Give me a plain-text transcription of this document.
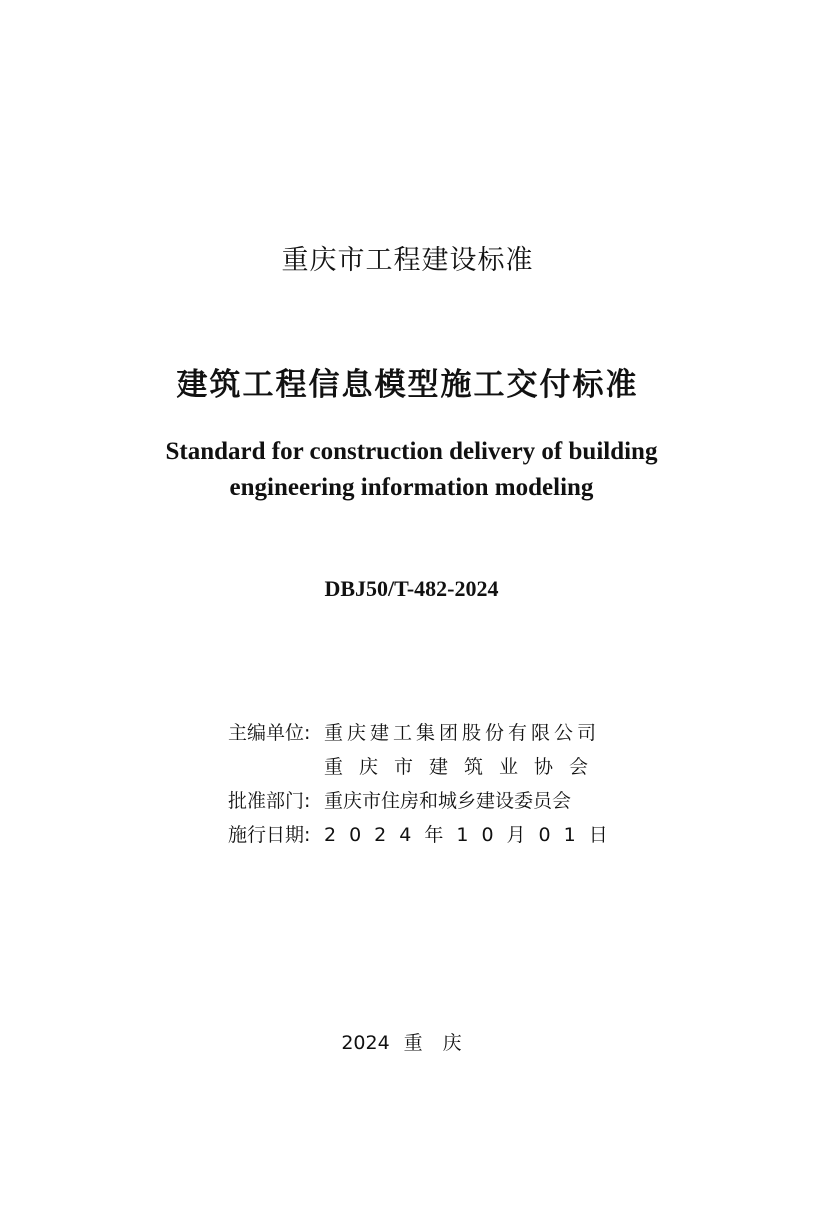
重庆市工程建设标准
建筑工程信息模型施工交付标准
Standard for construction delivery of building
engineering information modeling
DBJ50/T-482-2024
主编单位: 重庆建工集团股份有限公司
重庆市建筑业协会
批准部门: 重庆市住房和城乡建设委员会
施行日期: 2024年10月01日
2024 重庆
